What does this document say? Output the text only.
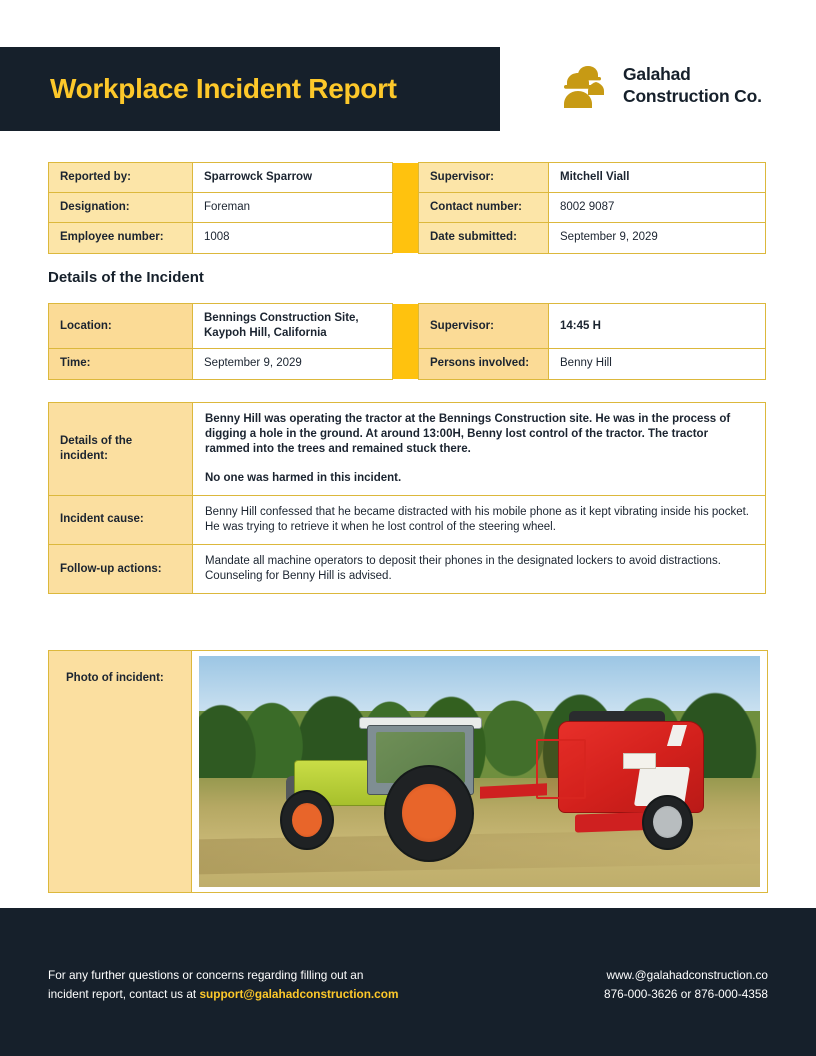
Workplace Incident Report	Galahad
Construction Co.
Reported by:	Sparrowck Sparrow		Supervisor:	Mitchell Viall
Designation:	Foreman		Contact number:	8002 9087
Employee number:	1008		Date submitted:	September 9, 2029
Details of the Incident
Location:	Bennings Construction Site, Kaypoh Hill, California		Supervisor:	14:45 H
Time:	September 9, 2029		Persons involved:	Benny Hill
Details of the incident:	Benny Hill was operating the tractor at the Bennings Construction site. He was in the process of digging a hole in the ground. At around 13:00H, Benny lost control of the tractor. The tractor rammed into the trees and remained stuck there.
No one was harmed in this incident.
Incident cause:	Benny Hill confessed that he became distracted with his mobile phone as it kept vibrating inside his pocket. He was trying to retrieve it when he lost control of the steering wheel.
Follow-up actions:	Mandate all machine operators to deposit their phones in the designated lockers to avoid distractions.
Counseling for Benny Hill is advised.
Photo of incident:
For any further questions or concerns regarding filling out an
incident report, contact us at support@galahadconstruction.com
www.@galahadconstruction.co
876-000-3626 or 876-000-4358
